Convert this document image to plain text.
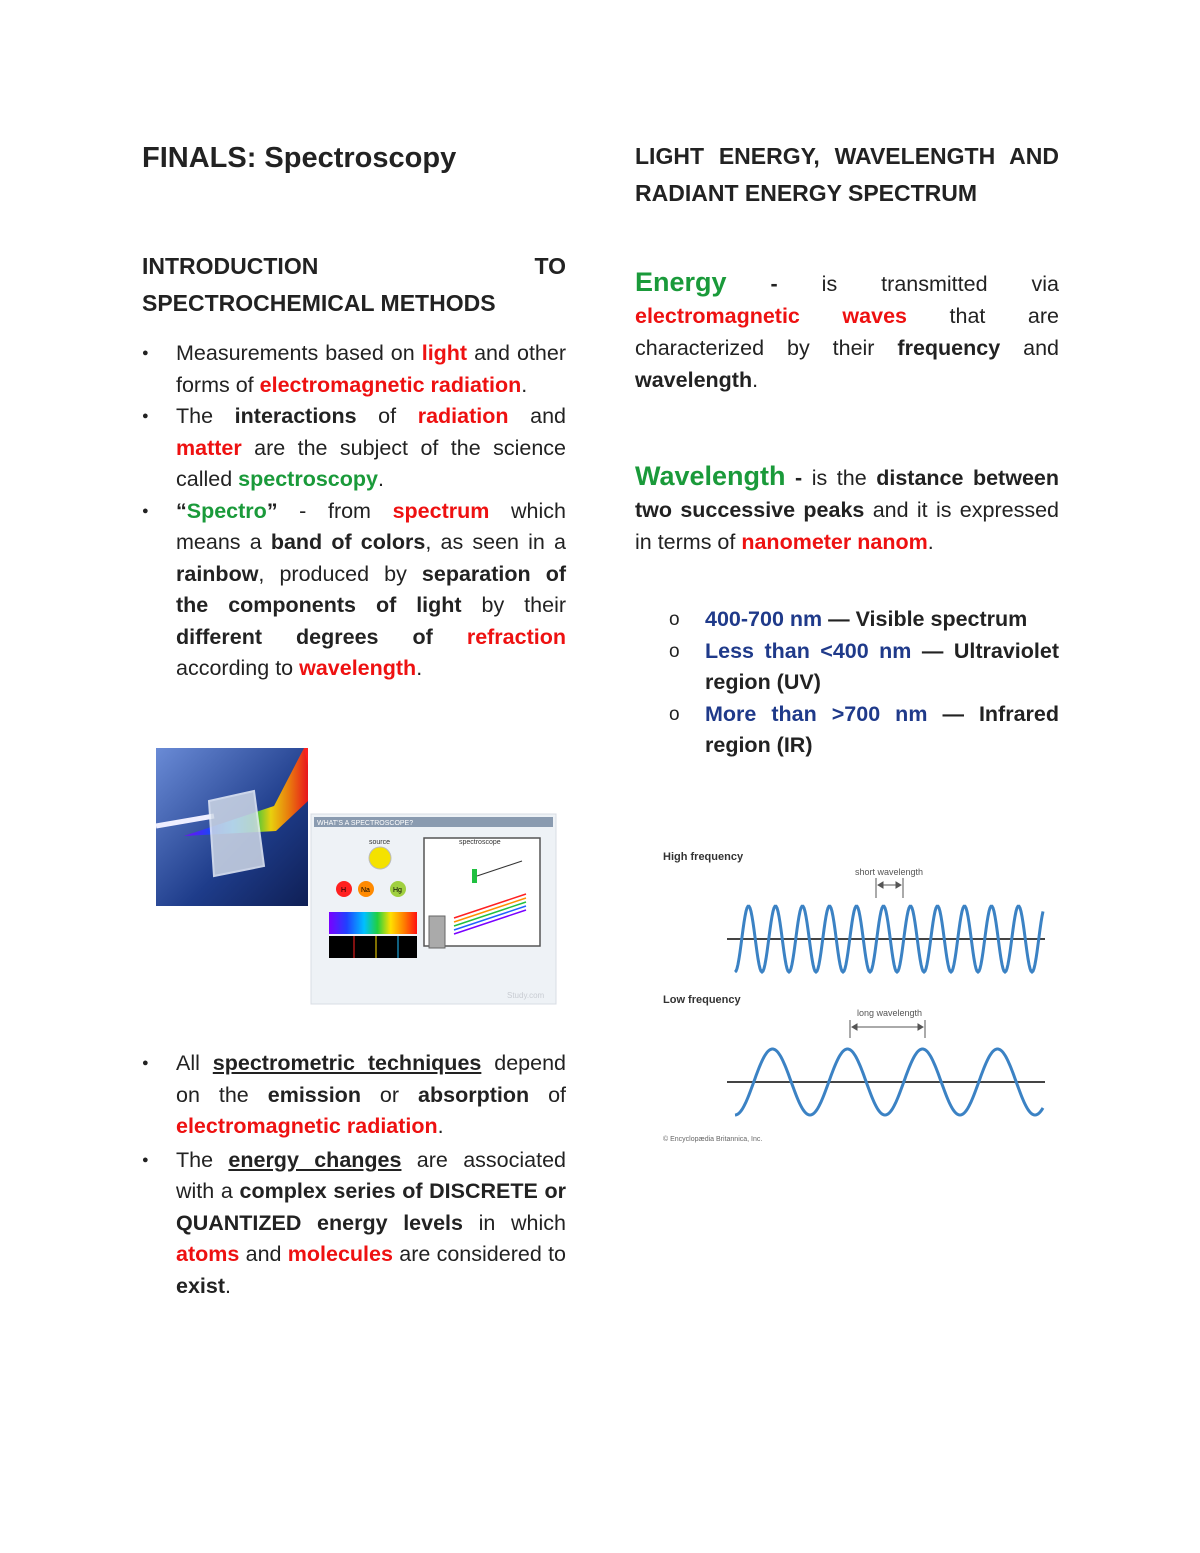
FINALS: Spectroscopy
INTRODUCTION	TO
SPECTROCHEMICAL METHODS
● Measurements based on light and other forms of electromagnetic radiation.
● The interactions of radiation and matter are the subject of the science called spectroscopy.
● “Spectro” - from spectrum which means a band of colors, as seen in a rainbow, produced by separation of the components of light by their different degrees of refraction according to wavelength.
WHAT'S A SPECTROSCOPE?
source	spectroscope
H Na	Hg
Study.com
● All spectrometric techniques depend on the emission or absorption of electromagnetic radiation.
● The energy changes are associated with a complex series of DISCRETE or QUANTIZED energy levels in which atoms and molecules are considered to exist.
LIGHT ENERGY, WAVELENGTH AND RADIANT ENERGY SPECTRUM
Energy - is transmitted via electromagnetic waves that are characterized by their frequency and wavelength.
Wavelength - is the distance between two successive peaks and it is expressed in terms of nanometer nanom.
o 400-700 nm — Visible spectrum
o Less than <400 nm — Ultraviolet region (UV)
o More than >700 nm — Infrared region (IR)
High frequency
short wavelength
Low frequency
long wavelength
© Encyclopædia Britannica, Inc.
